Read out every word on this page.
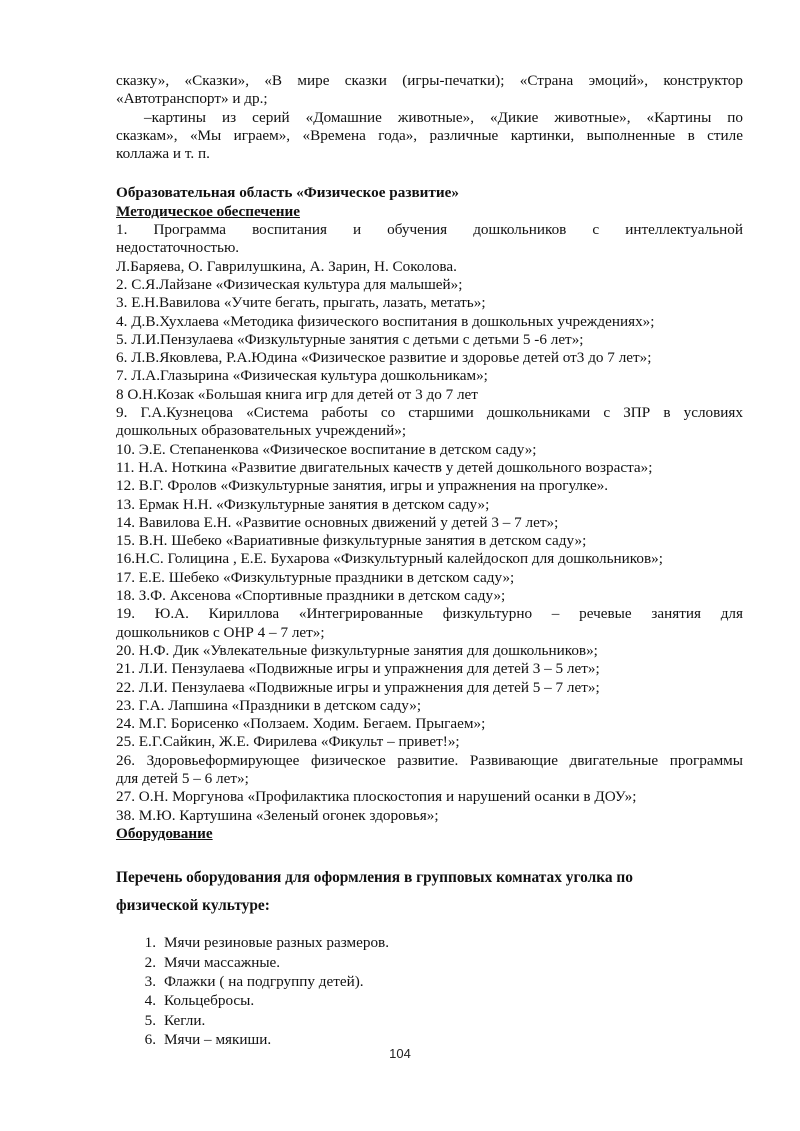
сказку», «Сказки», «В мире сказки (игры-печатки); «Страна эмоций», конструктор

«Автотранспорт» и др.;

–картины из серий «Домашние животные», «Дикие животные», «Картины по

сказкам», «Мы играем», «Времена года», различные картинки, выполненные в стиле

коллажа и т. п.

Образовательная область «Физическое развитие»

Методическое обеспечение

1. Программа воспитания и обучения дошкольников с интеллектуальной

недостаточностью.

Л.Баряева, О. Гаврилушкина, А. Зарин, Н. Соколова.

2. С.Я.Лайзане «Физическая культура для малышей»;

3. Е.Н.Вавилова «Учите бегать, прыгать, лазать, метать»;

4. Д.В.Хухлаева «Методика физического воспитания в дошкольных учреждениях»;

5. Л.И.Пензулаева «Физкультурные занятия с детьми с детьми 5 -6 лет»;

6. Л.В.Яковлева, Р.А.Юдина «Физическое развитие и здоровье детей от3 до 7 лет»;

7. Л.А.Глазырина «Физическая культура дошкольникам»;

8 О.Н.Козак «Большая книга игр для детей от 3 до 7 лет

9. Г.А.Кузнецова «Система работы со старшими дошкольниками с ЗПР в условиях

дошкольных образовательных учреждений»;

10. Э.Е. Степаненкова «Физическое воспитание в детском саду»;

11. Н.А. Ноткина «Развитие двигательных качеств у детей дошкольного возраста»;

12. В.Г. Фролов «Физкультурные занятия, игры и упражнения на прогулке».

13. Ермак Н.Н. «Физкультурные занятия в детском саду»;

14. Вавилова Е.Н. «Развитие основных движений у детей 3 – 7 лет»;

15. В.Н. Шебеко «Вариативные физкультурные занятия в детском саду»;

16.Н.С. Голицина , Е.Е. Бухарова «Физкультурный калейдоскоп для дошкольников»;

17. Е.Е. Шебеко «Физкультурные праздники в детском саду»;

18. З.Ф. Аксенова «Спортивные праздники в детском саду»;

19. Ю.А. Кириллова «Интегрированные физкультурно – речевые занятия для

дошкольников с ОНР 4 – 7 лет»;

20. Н.Ф. Дик «Увлекательные физкультурные занятия для дошкольников»;

21. Л.И. Пензулаева «Подвижные игры и упражнения для детей 3 – 5 лет»;

22. Л.И. Пензулаева «Подвижные игры и упражнения для детей 5 – 7 лет»;

23. Г.А. Лапшина «Праздники в детском саду»;

24. М.Г. Борисенко «Ползаем. Ходим. Бегаем. Прыгаем»;

25. Е.Г.Сайкин, Ж.Е. Фирилева «Фикульт – привет!»;

26. Здоровьеформирующее физическое развитие. Развивающие двигательные программы

для детей 5 – 6 лет»;

27. О.Н. Моргунова «Профилактика плоскостопия и нарушений осанки в ДОУ»;

38. М.Ю. Картушина «Зеленый огонек здоровья»;

Оборудование

Перечень оборудования для оформления в групповых комнатах уголка по
физической культуре:

1. Мячи резиновые разных размеров.
2. Мячи массажные.
3. Флажки ( на подгруппу детей).
4. Кольцебросы.
5. Кегли.
6. Мячи – мякиши.
104
